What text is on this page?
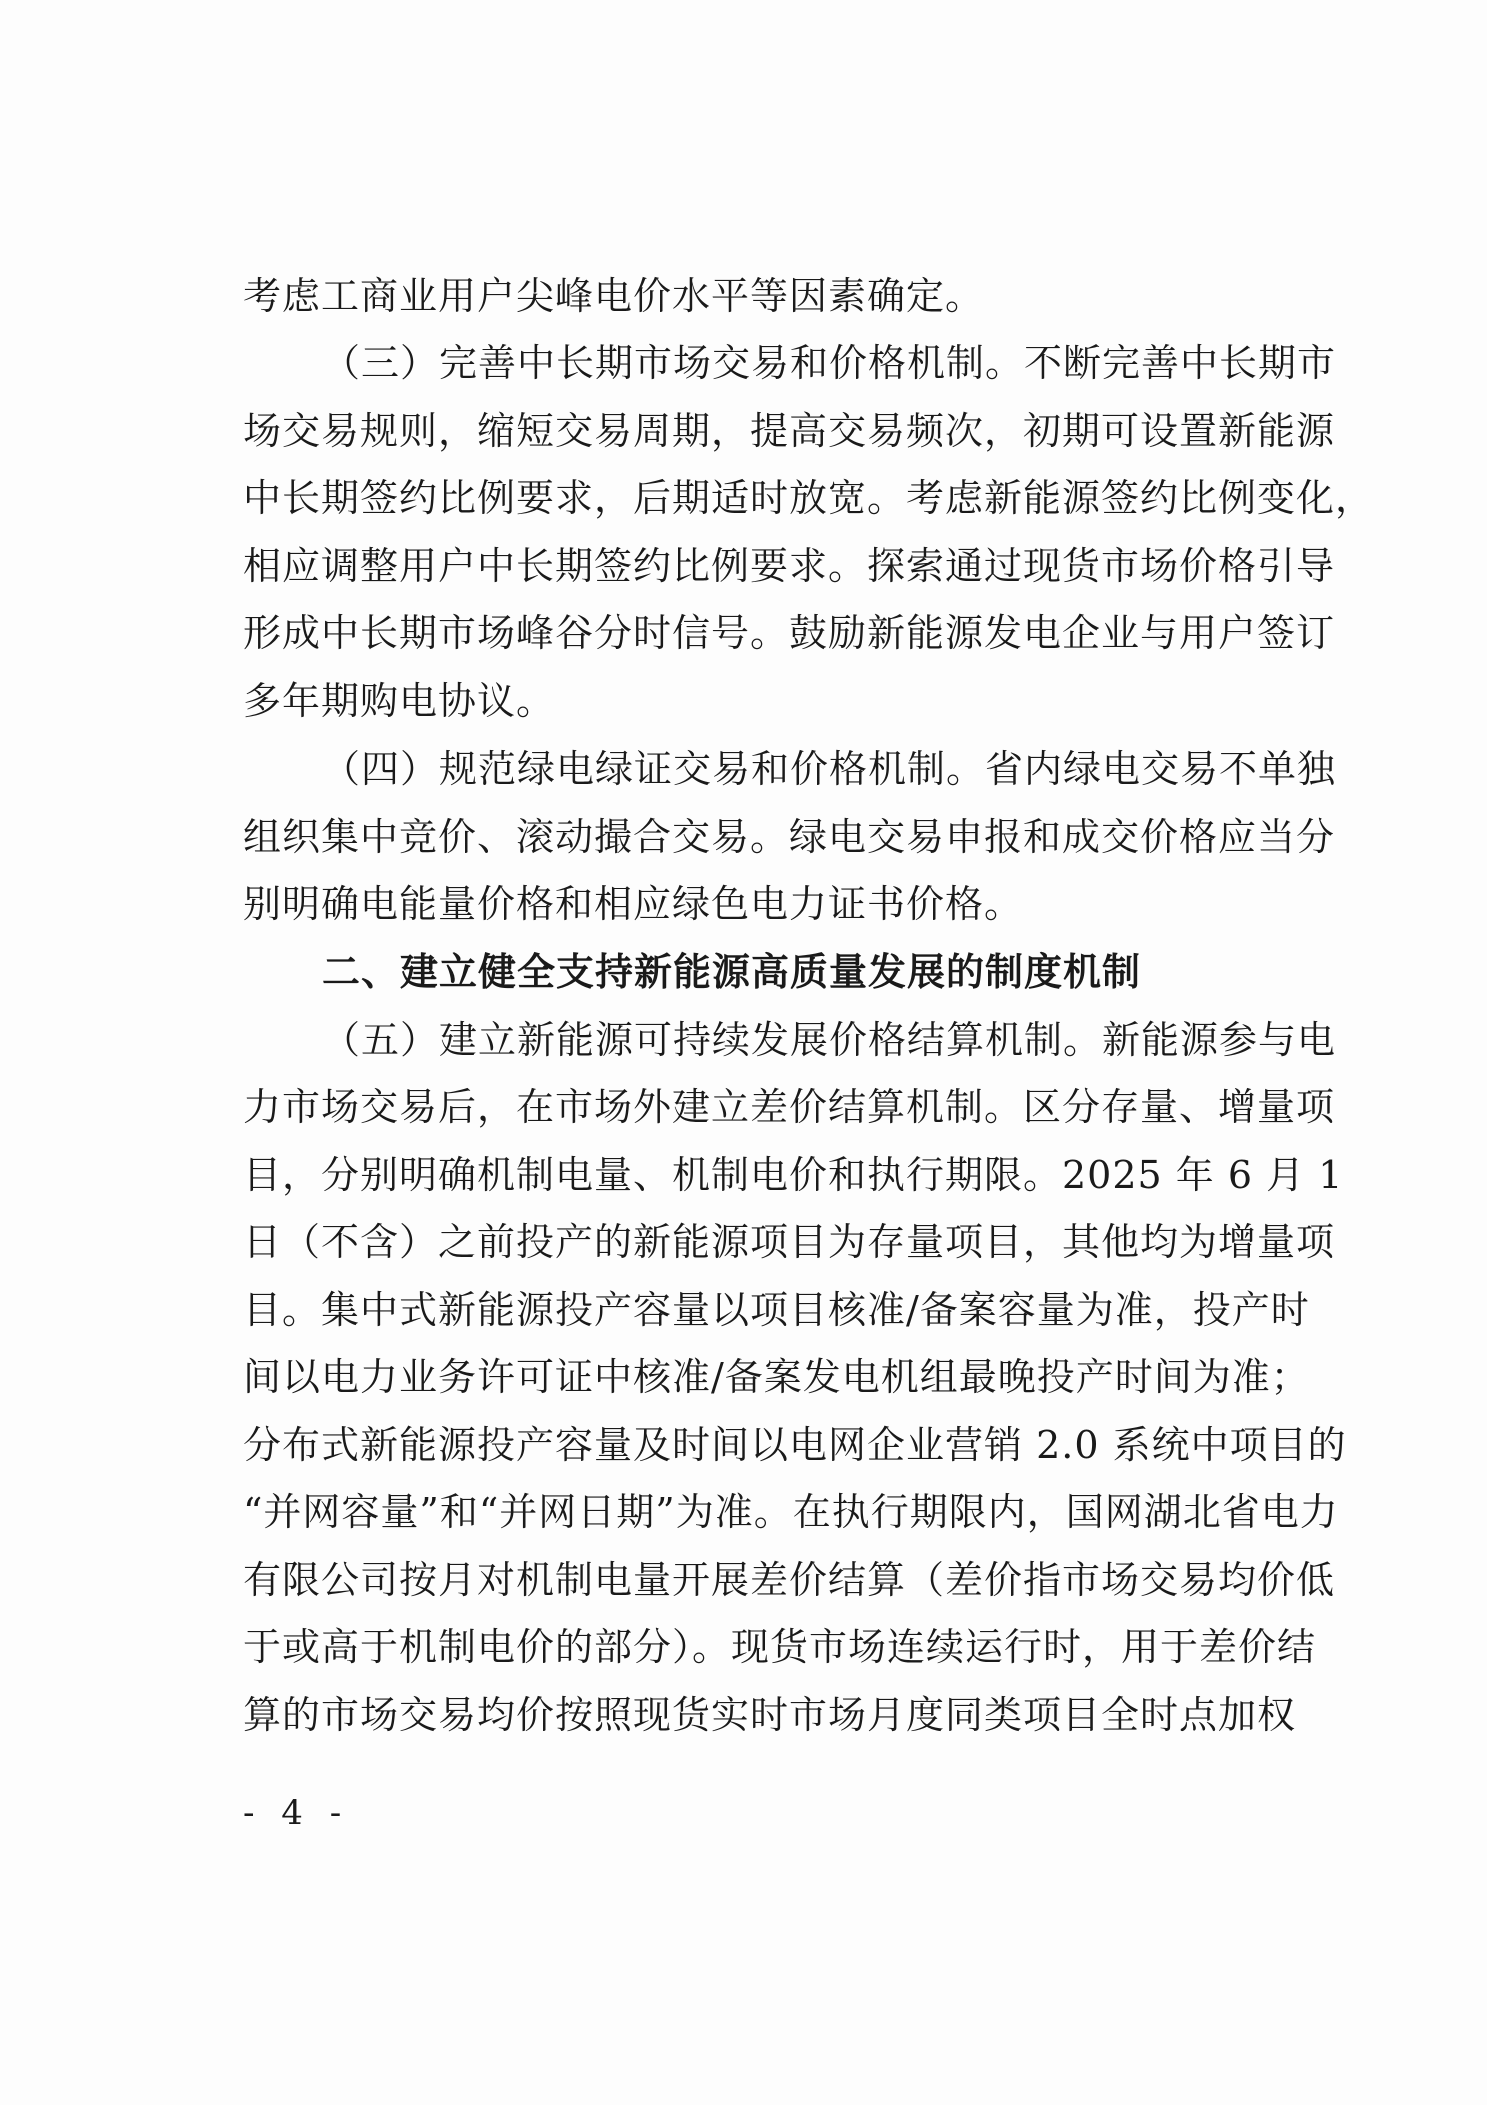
考虑工商业用户尖峰电价水平等因素确定。
（三）完善中长期市场交易和价格机制。不断完善中长期市
场交易规则，缩短交易周期，提高交易频次，初期可设置新能源
中长期签约比例要求，后期适时放宽。考虑新能源签约比例变化，
相应调整用户中长期签约比例要求。探索通过现货市场价格引导
形成中长期市场峰谷分时信号。鼓励新能源发电企业与用户签订
多年期购电协议。
（四）规范绿电绿证交易和价格机制。省内绿电交易不单独
组织集中竞价、滚动撮合交易。绿电交易申报和成交价格应当分
别明确电能量价格和相应绿色电力证书价格。
二、建立健全支持新能源高质量发展的制度机制
（五）建立新能源可持续发展价格结算机制。新能源参与电
力市场交易后，在市场外建立差价结算机制。区分存量、增量项
目，分别明确机制电量、机制电价和执行期限。2025 年 6 月 1
日（不含）之前投产的新能源项目为存量项目，其他均为增量项
目。集中式新能源投产容量以项目核准/备案容量为准，投产时
间以电力业务许可证中核准/备案发电机组最晚投产时间为准；
分布式新能源投产容量及时间以电网企业营销 2.0 系统中项目的
“并网容量”和“并网日期”为准。在执行期限内，国网湖北省电力
有限公司按月对机制电量开展差价结算（差价指市场交易均价低
于或高于机制电价的部分）。现货市场连续运行时，用于差价结
算的市场交易均价按照现货实时市场月度同类项目全时点加权
- 4 -
